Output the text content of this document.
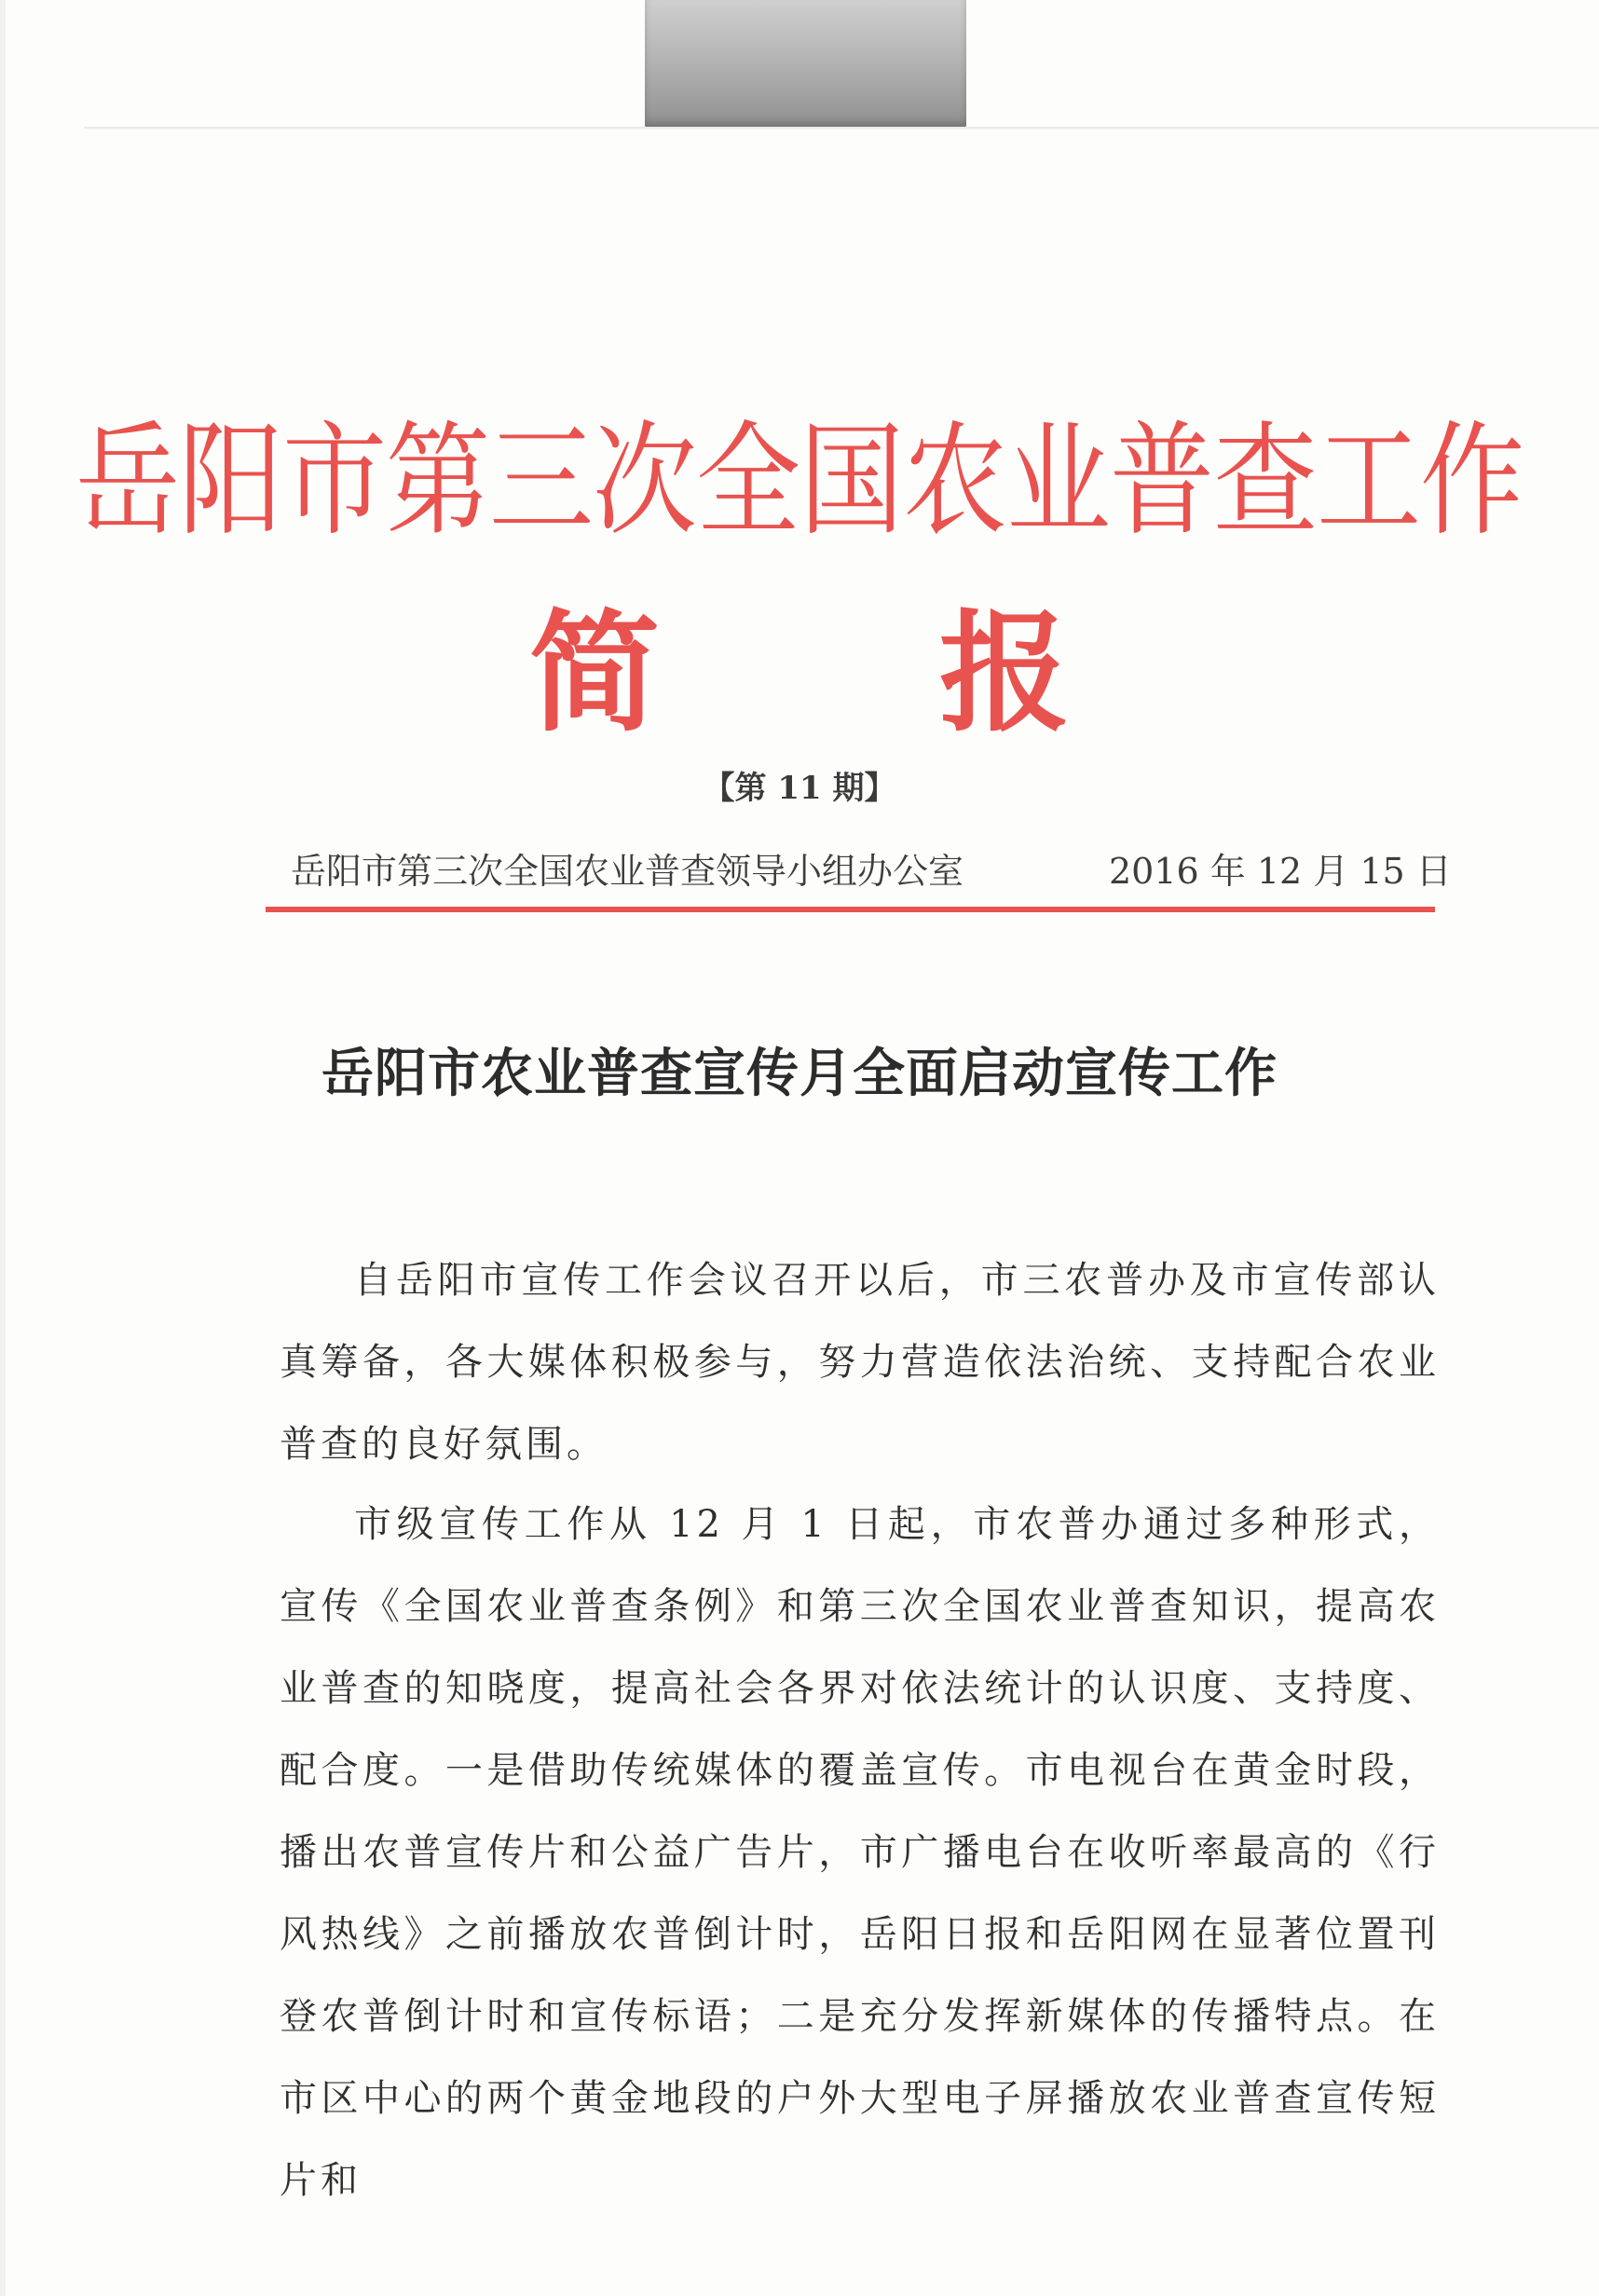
岳阳市第三次全国农业普查工作
简报
【第 11 期】
岳阳市第三次全国农业普查领导小组办公室	2016 年 12 月 15 日
岳阳市农业普查宣传月全面启动宣传工作

自岳阳市宣传工作会议召开以后，市三农普办及市宣传部认真筹备，各大媒体积极参与，努力营造依法治统、支持配合农业普查的良好氛围。

市级宣传工作从 12 月 1 日起，市农普办通过多种形式，宣传《全国农业普查条例》和第三次全国农业普查知识，提高农业普查的知晓度，提高社会各界对依法统计的认识度、支持度、配合度。一是借助传统媒体的覆盖宣传。市电视台在黄金时段，播出农普宣传片和公益广告片，市广播电台在收听率最高的《行风热线》之前播放农普倒计时，岳阳日报和岳阳网在显著位置刊登农普倒计时和宣传标语；二是充分发挥新媒体的传播特点。在市区中心的两个黄金地段的户外大型电子屏播放农业普查宣传短片和
